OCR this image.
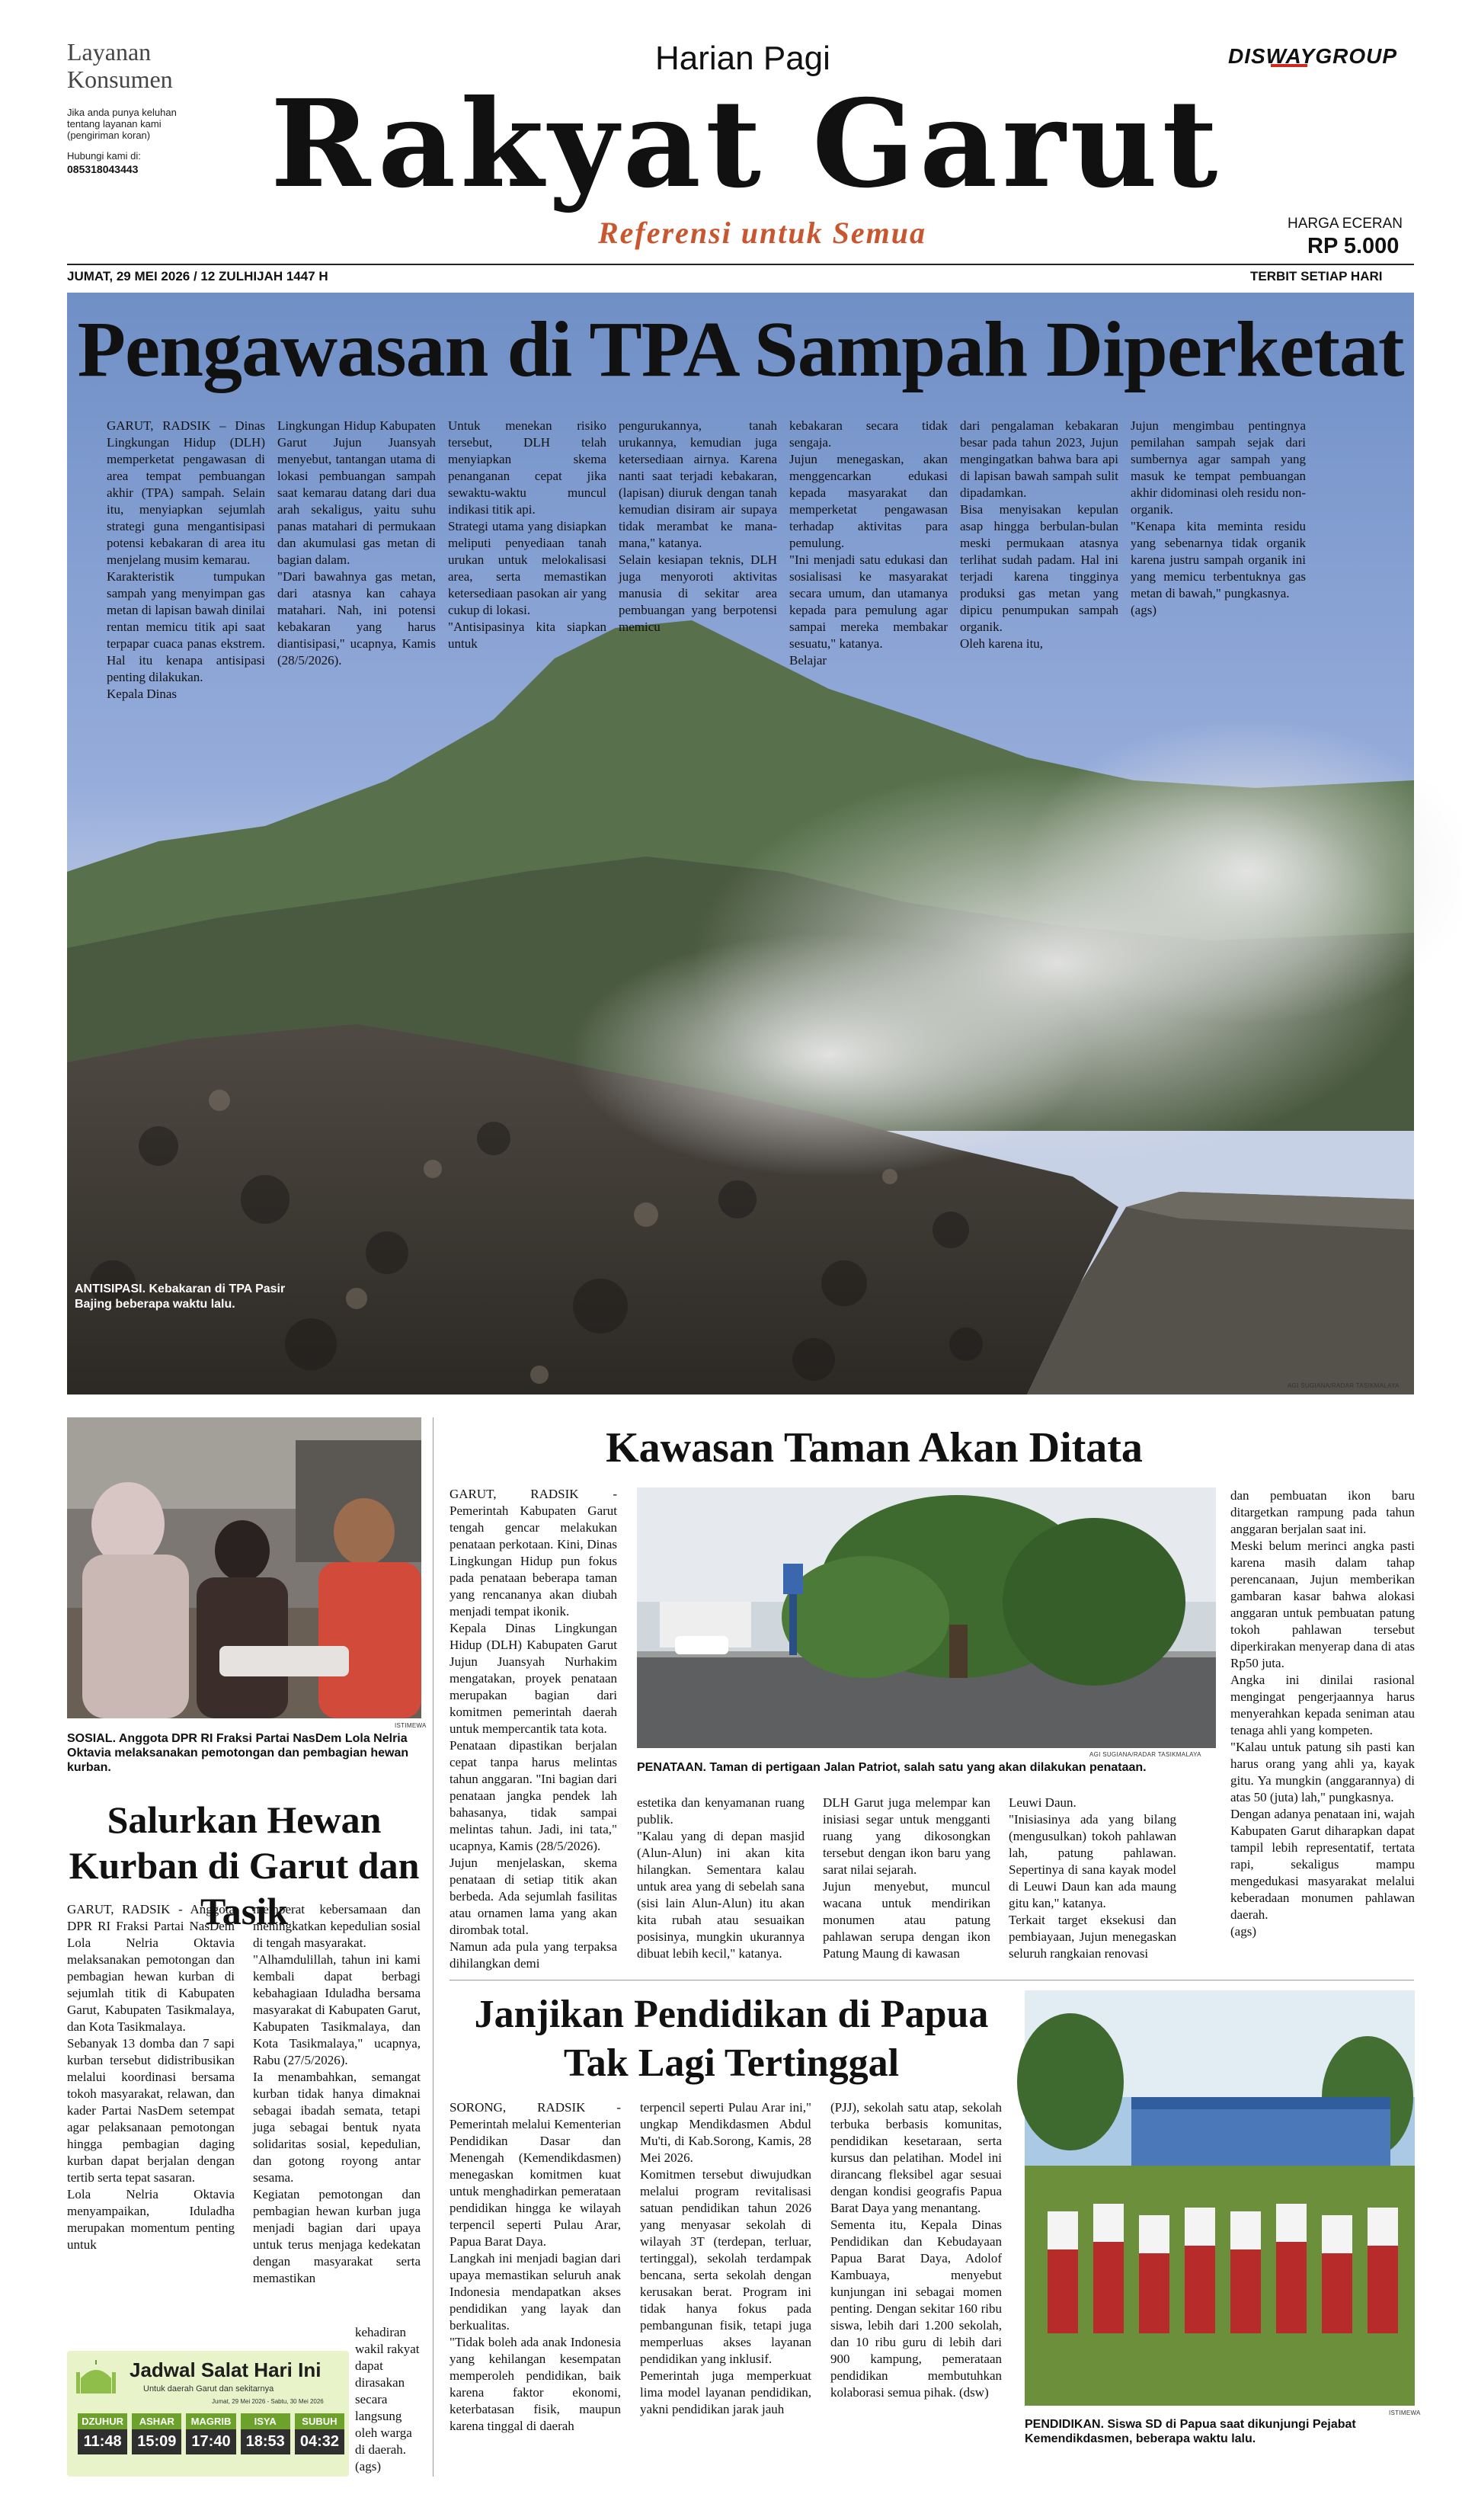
Layanan
Konsumen
Jika anda punya keluhan tentang layanan kami (pengiriman koran)
Hubungi kami di:
085318043443
Harian Pagi
Rakyat Garut
Referensi untuk Semua
DISWAYGROUP
HARGA ECERAN
RP 5.000
JUMAT, 29 MEI 2026 / 12 ZULHIJAH 1447 H	TERBIT SETIAP HARI
Pengawasan di TPA Sampah Diperketat
GARUT, RADSIK – Dinas Lingkungan Hidup (DLH) memperketat pengawasan di area tempat pembuangan akhir (TPA) sampah. Selain itu, menyiapkan sejumlah strategi guna mengantisipasi potensi kebakaran di area itu menjelang musim kemarau.
Karakteristik tumpukan sampah yang menyimpan gas metan di lapisan bawah dinilai rentan memicu titik api saat terpapar cuaca panas ekstrem. Hal itu kenapa antisipasi penting dilakukan.
Kepala Dinas
Lingkungan Hidup Kabupaten Garut Jujun Juansyah menyebut, tantangan utama di lokasi pembuangan sampah saat kemarau datang dari dua arah sekaligus, yaitu suhu panas matahari di permukaan dan akumulasi gas metan di bagian dalam.
"Dari bawahnya gas metan, dari atasnya kan cahaya matahari. Nah, ini potensi kebakaran yang harus diantisipasi," ucapnya, Kamis (28/5/2026).
Untuk menekan risiko tersebut, DLH telah menyiapkan skema penanganan cepat jika sewaktu-waktu muncul indikasi titik api.
Strategi utama yang disiapkan meliputi penyediaan tanah urukan untuk melokalisasi area, serta memastikan ketersediaan pasokan air yang cukup di lokasi.
"Antisipasinya kita siapkan untuk
pengurukannya, tanah urukannya, kemudian juga ketersediaan airnya. Karena nanti saat terjadi kebakaran, (lapisan) diuruk dengan tanah kemudian disiram air supaya tidak merambat ke mana-mana," katanya.
Selain kesiapan teknis, DLH juga menyoroti aktivitas manusia di sekitar area pembuangan yang berpotensi memicu
kebakaran secara tidak sengaja.
Jujun menegaskan, akan menggencarkan edukasi kepada masyarakat dan memperketat pengawasan terhadap aktivitas para pemulung.
"Ini menjadi satu edukasi dan sosialisasi ke masyarakat secara umum, dan utamanya kepada para pemulung agar sampai mereka membakar sesuatu," katanya.
Belajar
dari pengalaman kebakaran besar pada tahun 2023, Jujun mengingatkan bahwa bara api di lapisan bawah sampah sulit dipadamkan.
Bisa menyisakan kepulan asap hingga berbulan-bulan meski permukaan atasnya terlihat sudah padam. Hal ini terjadi karena tingginya produksi gas metan yang dipicu penumpukan sampah organik.
Oleh karena itu,
Jujun mengimbau pentingnya pemilahan sampah sejak dari sumbernya agar sampah yang masuk ke tempat pembuangan akhir didominasi oleh residu non-organik.
"Kenapa kita meminta residu yang sebenarnya tidak organik karena justru sampah organik ini yang memicu terbentuknya gas metan di bawah," pungkasnya.
(ags)
ANTISIPASI. Kebakaran di TPA Pasir Bajing beberapa waktu lalu.
AGI SUGIANA/RADAR TASIKMALAYA
ISTIMEWA
SOSIAL. Anggota DPR RI Fraksi Partai NasDem Lola Nelria Oktavia melaksanakan pemotongan dan pembagian hewan kurban.
Salurkan Hewan Kurban di Garut dan Tasik
GARUT, RADSIK - Anggota DPR RI Fraksi Partai NasDem Lola Nelria Oktavia melaksanakan pemotongan dan pembagian hewan kurban di sejumlah titik di Kabupaten Garut, Kabupaten Tasikmalaya, dan Kota Tasikmalaya.
Sebanyak 13 domba dan 7 sapi kurban tersebut didistribusikan melalui koordinasi bersama tokoh masyarakat, relawan, dan kader Partai NasDem setempat agar pelaksanaan pemotongan hingga pembagian daging kurban dapat berjalan dengan tertib serta tepat sasaran.
Lola Nelria Oktavia menyampaikan, Iduladha merupakan momentum penting untuk
memperat kebersamaan dan meningkatkan kepedulian sosial di tengah masyarakat.
"Alhamdulillah, tahun ini kami kembali dapat berbagi kebahagiaan Iduladha bersama masyarakat di Kabupaten Garut, Kabupaten Tasikmalaya, dan Kota Tasikmalaya," ucapnya, Rabu (27/5/2026).
Ia menambahkan, semangat kurban tidak hanya dimaknai sebagai ibadah semata, tetapi juga sebagai bentuk nyata solidaritas sosial, kepedulian, dan gotong royong antar sesama.
Kegiatan pemotongan dan pembagian hewan kurban juga menjadi bagian dari upaya untuk terus menjaga kedekatan dengan masyarakat serta memastikan
kehadiran wakil rakyat dapat dirasakan secara langsung oleh warga di daerah.
(ags)
Jadwal Salat Hari Ini
Untuk daerah Garut dan sekitarnya
Jumat, 29 Mei 2026 - Sabtu, 30 Mei 2026
DZUHUR
11:48
ASHAR
15:09
MAGRIB
17:40
ISYA
18:53
SUBUH
04:32
Kawasan Taman Akan Ditata
GARUT, RADSIK - Pemerintah Kabupaten Garut tengah gencar melakukan penataan perkotaan. Kini, Dinas Lingkungan Hidup pun fokus pada penataan beberapa taman yang rencananya akan diubah menjadi tempat ikonik.
Kepala Dinas Lingkungan Hidup (DLH) Kabupaten Garut Jujun Juansyah Nurhakim mengatakan, proyek penataan merupakan bagian dari komitmen pemerintah daerah untuk mempercantik tata kota.
Penataan dipastikan berjalan cepat tanpa harus melintas tahun anggaran. "Ini bagian dari penataan jangka pendek lah bahasanya, tidak sampai melintas tahun. Jadi, ini tata," ucapnya, Kamis (28/5/2026).
Jujun menjelaskan, skema penataan di setiap titik akan berbeda. Ada sejumlah fasilitas atau ornamen lama yang akan dirombak total.
Namun ada pula yang terpaksa dihilangkan demi
AGI SUGIANA/RADAR TASIKMALAYA
PENATAAN. Taman di pertigaan Jalan Patriot, salah satu yang akan dilakukan penataan.
estetika dan kenyamanan ruang publik.
"Kalau yang di depan masjid (Alun-Alun) ini akan kita hilangkan. Sementara kalau untuk area yang di sebelah sana (sisi lain Alun-Alun) itu akan kita rubah atau sesuaikan posisinya, mungkin ukurannya dibuat lebih kecil," katanya.
DLH Garut juga melempar kan inisiasi segar untuk mengganti ruang yang dikosongkan tersebut dengan ikon baru yang sarat nilai sejarah.
Jujun menyebut, muncul wacana untuk mendirikan monumen atau patung pahlawan serupa dengan ikon Patung Maung di kawasan
Leuwi Daun.
"Inisiasinya ada yang bilang (mengusulkan) tokoh pahlawan lah, patung pahlawan. Sepertinya di sana kayak model di Leuwi Daun kan ada maung gitu kan," katanya.
Terkait target eksekusi dan pembiayaan, Jujun menegaskan seluruh rangkaian renovasi
dan pembuatan ikon baru ditargetkan rampung pada tahun anggaran berjalan saat ini.
Meski belum merinci angka pasti karena masih dalam tahap perencanaan, Jujun memberikan gambaran kasar bahwa alokasi anggaran untuk pembuatan patung tokoh pahlawan tersebut diperkirakan menyerap dana di atas Rp50 juta.
Angka ini dinilai rasional mengingat pengerjaannya harus menyerahkan kepada seniman atau tenaga ahli yang kompeten.
"Kalau untuk patung sih pasti kan harus orang yang ahli ya, kayak gitu. Ya mungkin (anggarannya) di atas 50 (juta) lah," pungkasnya.
Dengan adanya penataan ini, wajah Kabupaten Garut diharapkan dapat tampil lebih representatif, tertata rapi, sekaligus mampu mengedukasi masyarakat melalui keberadaan monumen pahlawan daerah.
(ags)
Janjikan Pendidikan di Papua Tak Lagi Tertinggal
SORONG, RADSIK - Pemerintah melalui Kementerian Pendidikan Dasar dan Menengah (Kemendikdasmen) menegaskan komitmen kuat untuk menghadirkan pemerataan pendidikan hingga ke wilayah terpencil seperti Pulau Arar, Papua Barat Daya.
Langkah ini menjadi bagian dari upaya memastikan seluruh anak Indonesia mendapatkan akses pendidikan yang layak dan berkualitas.
"Tidak boleh ada anak Indonesia yang kehilangan kesempatan memperoleh pendidikan, baik karena faktor ekonomi, keterbatasan fisik, maupun karena tinggal di daerah
terpencil seperti Pulau Arar ini," ungkap Mendikdasmen Abdul Mu'ti, di Kab.Sorong, Kamis, 28 Mei 2026.
Komitmen tersebut diwujudkan melalui program revitalisasi satuan pendidikan tahun 2026 yang menyasar sekolah di wilayah 3T (terdepan, terluar, tertinggal), sekolah terdampak bencana, serta sekolah dengan kerusakan berat. Program ini tidak hanya fokus pada pembangunan fisik, tetapi juga memperluas akses layanan pendidikan yang inklusif.
Pemerintah juga memperkuat lima model layanan pendidikan, yakni pendidikan jarak jauh
(PJJ), sekolah satu atap, sekolah terbuka berbasis komunitas, pendidikan kesetaraan, serta kursus dan pelatihan. Model ini dirancang fleksibel agar sesuai dengan kondisi geografis Papua Barat Daya yang menantang.
Sementa itu, Kepala Dinas Pendidikan dan Kebudayaan Papua Barat Daya, Adolof Kambuaya, menyebut kunjungan ini sebagai momen penting. Dengan sekitar 160 ribu siswa, lebih dari 1.200 sekolah, dan 10 ribu guru di lebih dari 900 kampung, pemerataan pendidikan membutuhkan kolaborasi semua pihak. (dsw)
ISTIMEWA
PENDIDIKAN. Siswa SD di Papua saat dikunjungi Pejabat Kemendikdasmen, beberapa waktu lalu.
